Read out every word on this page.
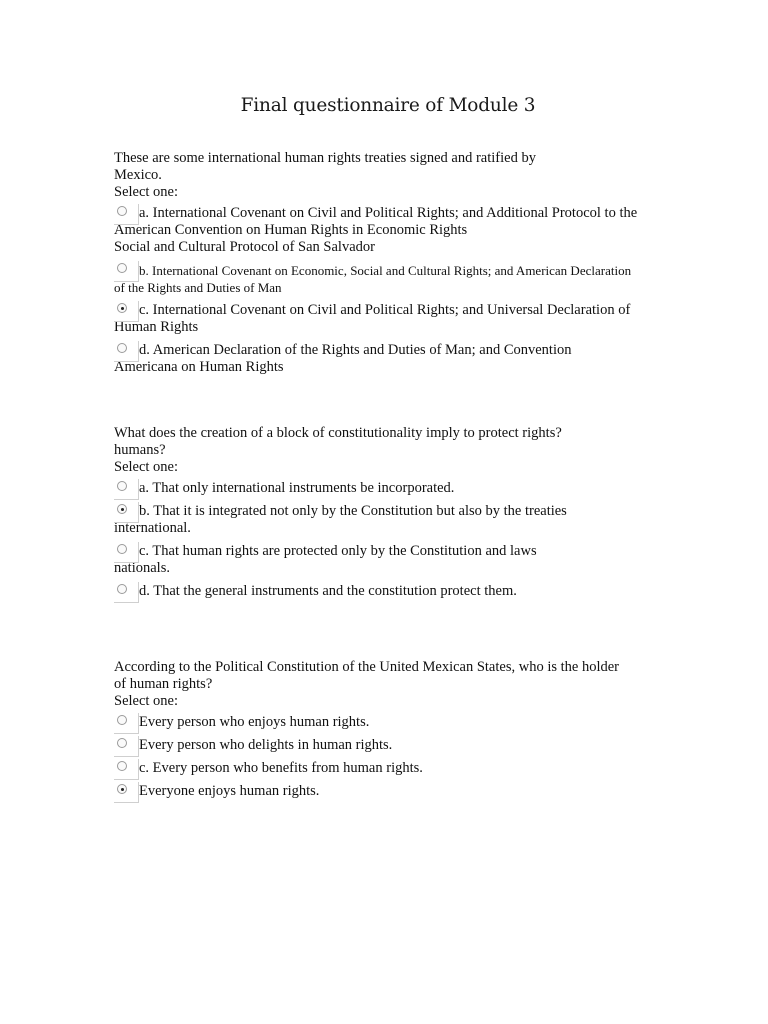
Final questionnaire of Module 3
These are some international human rights treaties signed and ratified by
Mexico.
Select one:
a. International Covenant on Civil and Political Rights; and Additional Protocol to the
American Convention on Human Rights in Economic Rights
Social and Cultural Protocol of San Salvador
b. International Covenant on Economic, Social and Cultural Rights; and American Declaration
of the Rights and Duties of Man
c. International Covenant on Civil and Political Rights; and Universal Declaration of
Human Rights
d. American Declaration of the Rights and Duties of Man; and Convention
Americana on Human Rights
What does the creation of a block of constitutionality imply to protect rights?
humans?
Select one:
a. That only international instruments be incorporated.
b. That it is integrated not only by the Constitution but also by the treaties
international.
c. That human rights are protected only by the Constitution and laws
nationals.
d. That the general instruments and the constitution protect them.
According to the Political Constitution of the United Mexican States, who is the holder
of human rights?
Select one:
Every person who enjoys human rights.
Every person who delights in human rights.
c. Every person who benefits from human rights.
Everyone enjoys human rights.
